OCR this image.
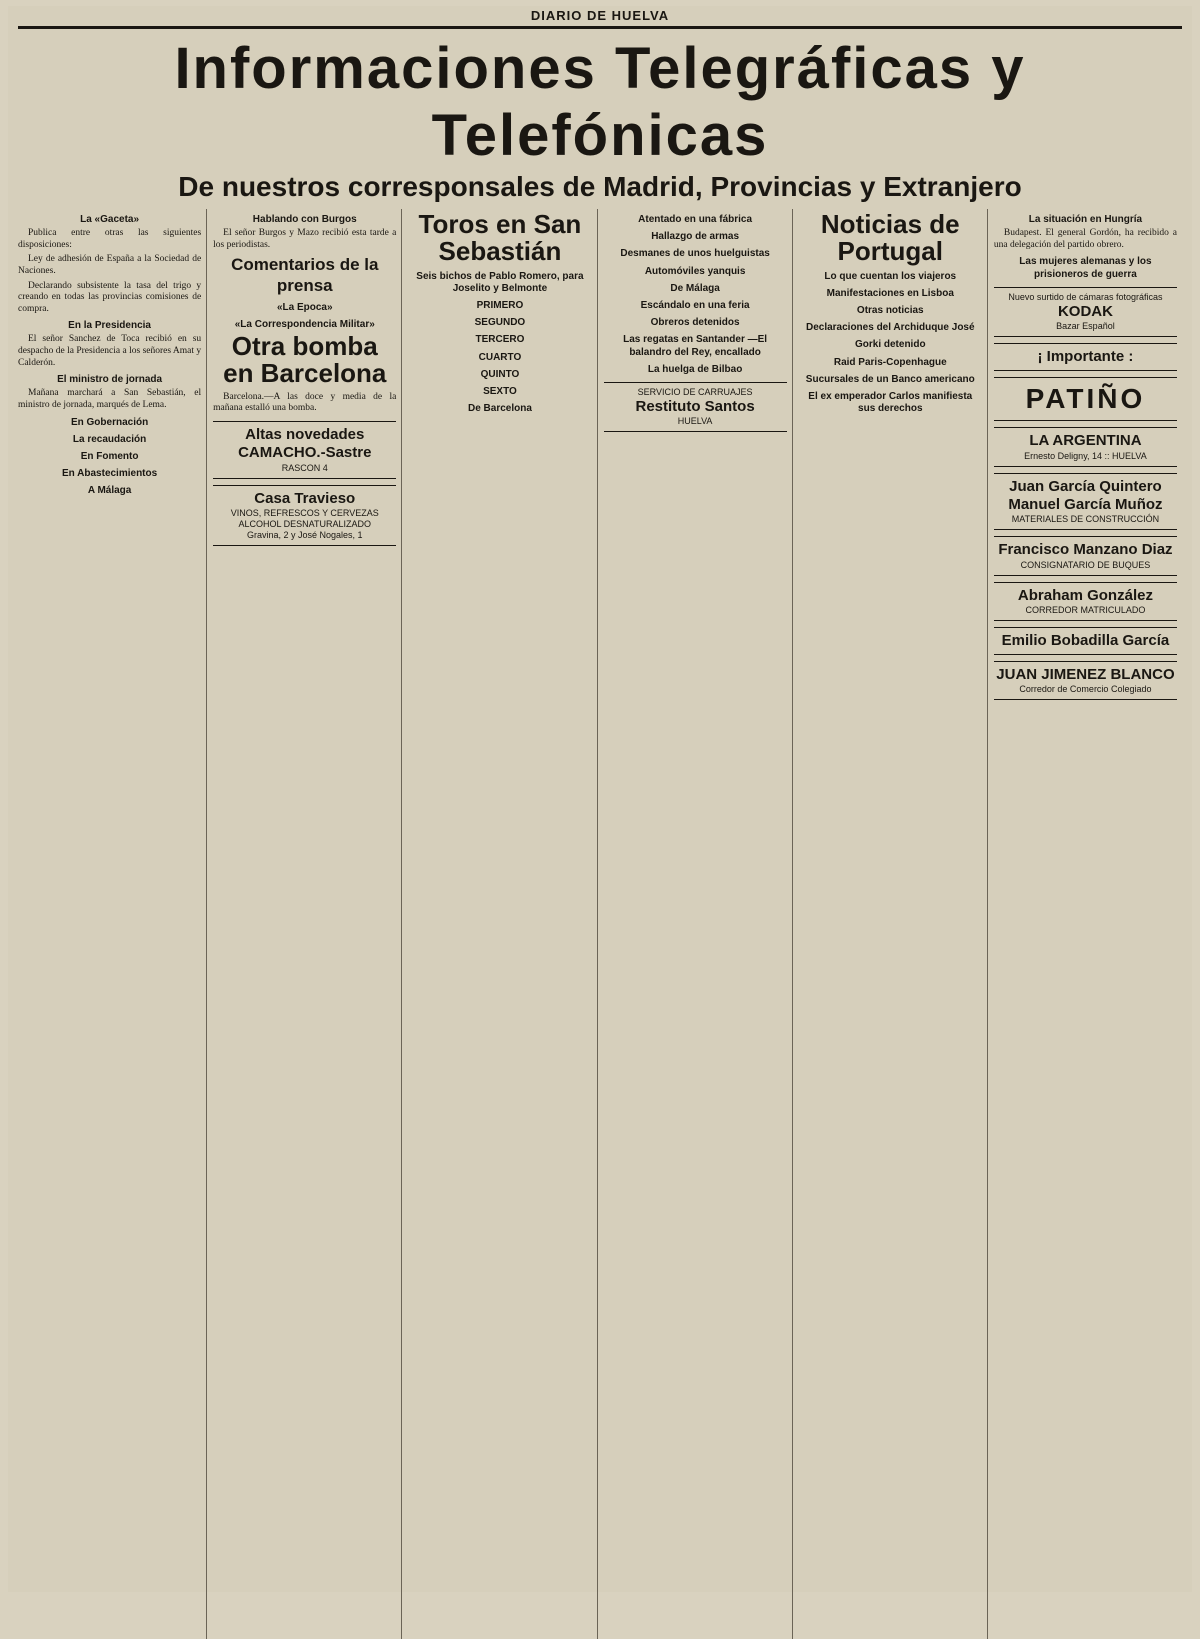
DIARIO DE HUELVA
Informaciones Telegráficas y Telefónicas
De nuestros corresponsales de Madrid, Provincias y Extranjero
La «Gaceta»

Publica entre otras las siguientes disposiciones:

Ley de adhesión de España a la Sociedad de Naciones.

Declarando subsistente la tasa del trigo y creando en todas las provincias comisiones de compra.

En la Presidencia

El señor Sanchez de Toca recibió en su despacho de la Presidencia a los señores Amat y Calderón.

El ministro de jornada

Mañana marchará a San Sebastián, el ministro de jornada, marqués de Lema.

En Gobernación
La recaudación
En Fomento
En Abastecimientos
A Málaga
Hablando con Burgos

El señor Burgos y Mazo recibió esta tarde a los periodistas.

Comentarios de la prensa
«La Epoca»
«La Correspondencia Militar»
Otra bomba en Barcelona

Barcelona.—A las doce y media de la mañana estalló una bomba.

Altas novedades
CAMACHO.-Sastre
RASCON 4
Casa Travieso
VINOS, REFRESCOS Y CERVEZAS
ALCOHOL DESNATURALIZADO
Gravina, 2 y José Nogales, 1
Toros en San Sebastián
Seis bichos de Pablo Romero, para Joselito y Belmonte
PRIMERO
SEGUNDO
TERCERO
CUARTO
QUINTO
SEXTO
De Barcelona
Atentado en una fábrica
Hallazgo de armas
Desmanes de unos huelguistas
Automóviles yanquis
De Málaga
Escándalo en una feria
Obreros detenidos
Las regatas en Santander —El balandro del Rey, encallado
La huelga de Bilbao
SERVICIO DE CARRUAJES
Restituto Santos
HUELVA
Noticias de Portugal
Lo que cuentan los viajeros
Manifestaciones en Lisboa
Otras noticias
Declaraciones del Archiduque José
Gorki detenido
Raid Paris-Copenhague
Sucursales de un Banco americano
El ex emperador Carlos manifiesta sus derechos
La situación en Hungría

Budapest. El general Gordón, ha recibido a una delegación del partido obrero.

Las mujeres alemanas y los prisioneros de guerra
Nuevo surtido de cámaras fotográficas
KODAK
Bazar Español
¡ Importante :
PATIÑO
LA ARGENTINA
Ernesto Deligny, 14 :: HUELVA
Juan García Quintero
Manuel García Muñoz
MATERIALES DE CONSTRUCCIÓN
Francisco Manzano Diaz
CONSIGNATARIO DE BUQUES
Abraham González
CORREDOR MATRICULADO
Emilio Bobadilla García
JUAN JIMENEZ BLANCO
Corredor de Comercio Colegiado
